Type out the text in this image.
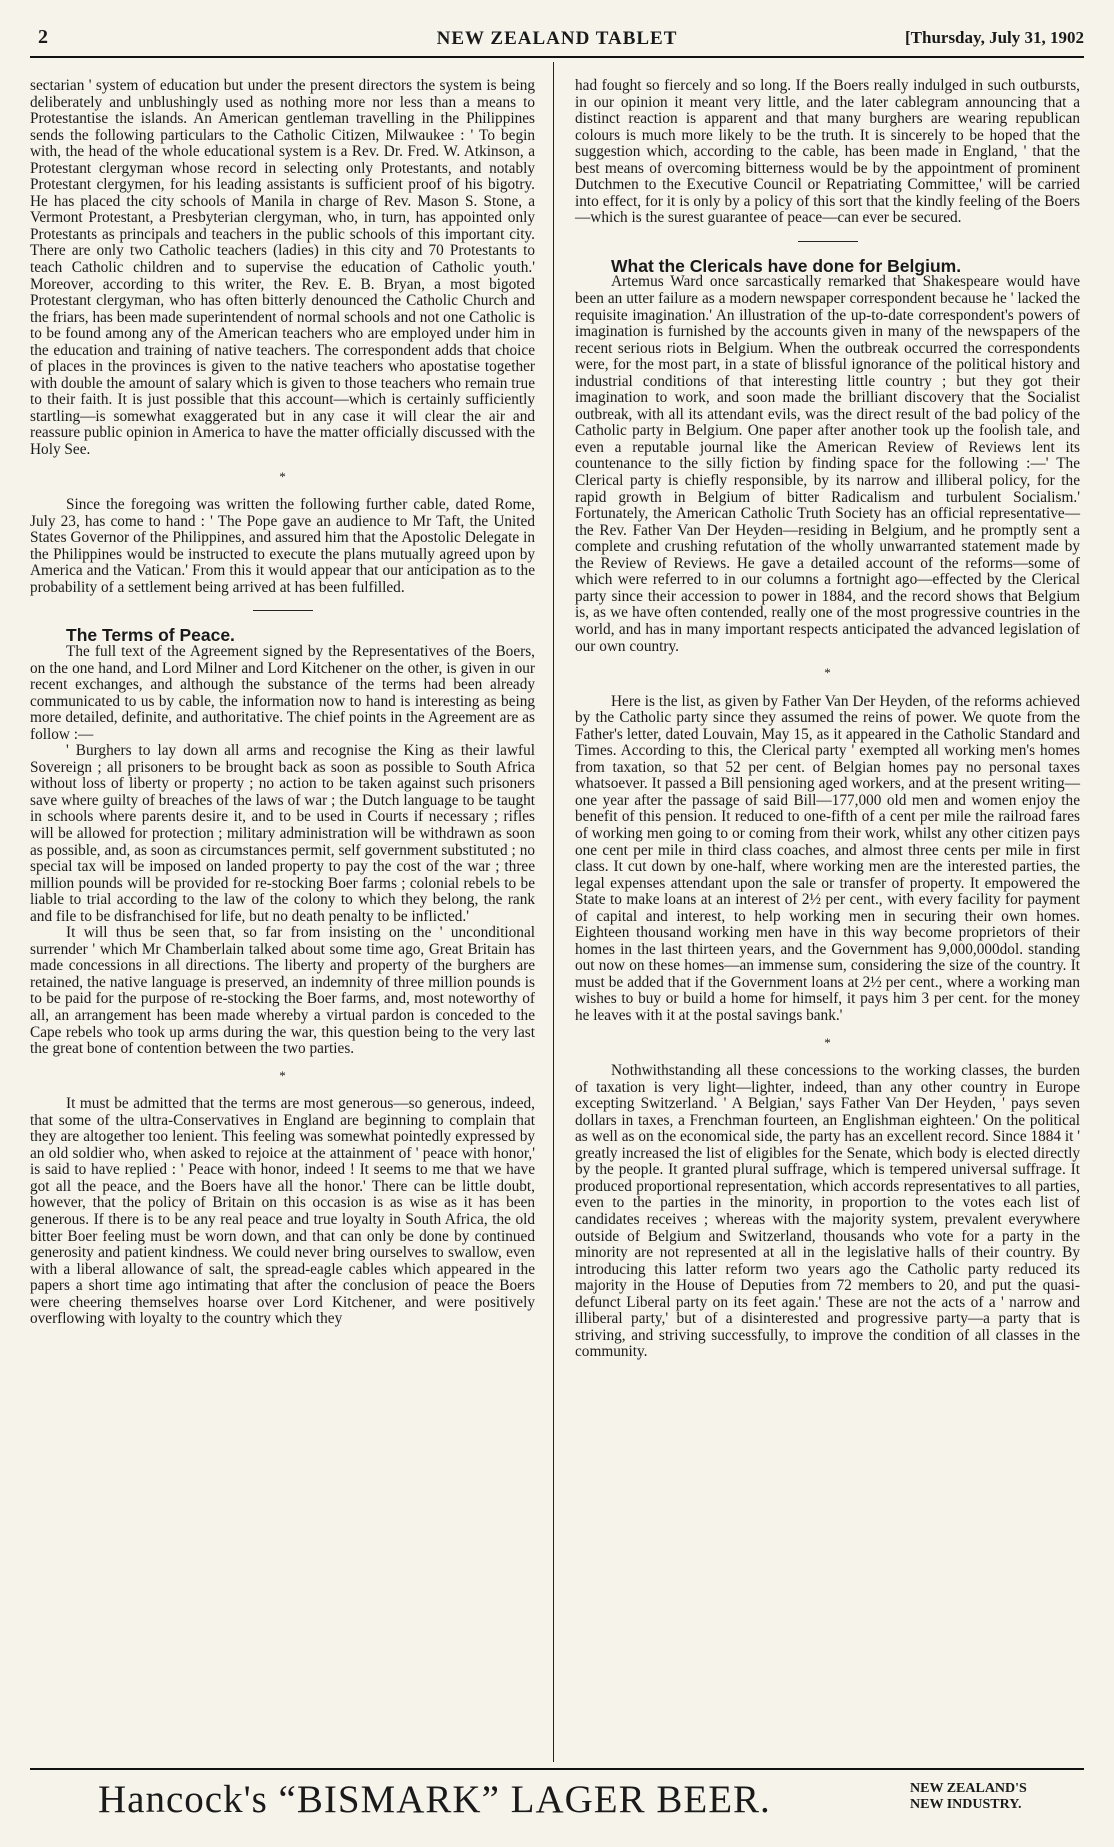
2	NEW ZEALAND TABLET	[Thursday, July 31, 1902

sectarian ' system of education but under the present directors the system is being deliberately and unblushingly used as nothing more nor less than a means to Protestantise the islands. An American gentleman travelling in the Philippines sends the following particulars to the Catholic Citizen, Milwaukee : ' To begin with, the head of the whole educational system is a Rev. Dr. Fred. W. Atkinson, a Protestant clergyman whose record in selecting only Protestants, and notably Protestant clergymen, for his leading assistants is sufficient proof of his bigotry. He has placed the city schools of Manila in charge of Rev. Mason S. Stone, a Vermont Protestant, a Presbyterian clergyman, who, in turn, has appointed only Protestants as principals and teachers in the public schools of this important city. There are only two Catholic teachers (ladies) in this city and 70 Protestants to teach Catholic children and to supervise the education of Catholic youth.' Moreover, according to this writer, the Rev. E. B. Bryan, a most bigoted Protestant clergyman, who has often bitterly denounced the Catholic Church and the friars, has been made superintendent of normal schools and not one Catholic is to be found among any of the American teachers who are employed under him in the education and training of native teachers. The correspondent adds that choice of places in the provinces is given to the native teachers who apostatise together with double the amount of salary which is given to those teachers who remain true to their faith. It is just possible that this account—which is certainly sufficiently startling—is somewhat exaggerated but in any case it will clear the air and reassure public opinion in America to have the matter officially discussed with the Holy See.

*

Since the foregoing was written the following further cable, dated Rome, July 23, has come to hand : ' The Pope gave an audience to Mr Taft, the United States Governor of the Philippines, and assured him that the Apostolic Delegate in the Philippines would be instructed to execute the plans mutually agreed upon by America and the Vatican.' From this it would appear that our anticipation as to the probability of a settlement being arrived at has been fulfilled.

The Terms of Peace.

The full text of the Agreement signed by the Representatives of the Boers, on the one hand, and Lord Milner and Lord Kitchener on the other, is given in our recent exchanges, and although the substance of the terms had been already communicated to us by cable, the information now to hand is interesting as being more detailed, definite, and authoritative. The chief points in the Agreement are as follow :—

' Burghers to lay down all arms and recognise the King as their lawful Sovereign ; all prisoners to be brought back as soon as possible to South Africa without loss of liberty or property ; no action to be taken against such prisoners save where guilty of breaches of the laws of war ; the Dutch language to be taught in schools where parents desire it, and to be used in Courts if necessary ; rifles will be allowed for protection ; military administration will be withdrawn as soon as possible, and, as soon as circumstances permit, self government substituted ; no special tax will be imposed on landed property to pay the cost of the war ; three million pounds will be provided for re-stocking Boer farms ; colonial rebels to be liable to trial according to the law of the colony to which they belong, the rank and file to be disfranchised for life, but no death penalty to be inflicted.'

It will thus be seen that, so far from insisting on the ' unconditional surrender ' which Mr Chamberlain talked about some time ago, Great Britain has made concessions in all directions. The liberty and property of the burghers are retained, the native language is preserved, an indemnity of three million pounds is to be paid for the purpose of re-stocking the Boer farms, and, most noteworthy of all, an arrangement has been made whereby a virtual pardon is conceded to the Cape rebels who took up arms during the war, this question being to the very last the great bone of contention between the two parties.

*

It must be admitted that the terms are most generous—so generous, indeed, that some of the ultra-Conservatives in England are beginning to complain that they are altogether too lenient. This feeling was somewhat pointedly expressed by an old soldier who, when asked to rejoice at the attainment of ' peace with honor,' is said to have replied : ' Peace with honor, indeed ! It seems to me that we have got all the peace, and the Boers have all the honor.' There can be little doubt, however, that the policy of Britain on this occasion is as wise as it has been generous. If there is to be any real peace and true loyalty in South Africa, the old bitter Boer feeling must be worn down, and that can only be done by continued generosity and patient kindness. We could never bring ourselves to swallow, even with a liberal allowance of salt, the spread-eagle cables which appeared in the papers a short time ago intimating that after the conclusion of peace the Boers were cheering themselves hoarse over Lord Kitchener, and were positively overflowing with loyalty to the country which they

had fought so fiercely and so long. If the Boers really indulged in such outbursts, in our opinion it meant very little, and the later cablegram announcing that a distinct reaction is apparent and that many burghers are wearing republican colours is much more likely to be the truth. It is sincerely to be hoped that the suggestion which, according to the cable, has been made in England, ' that the best means of overcoming bitterness would be by the appointment of prominent Dutchmen to the Executive Council or Repatriating Committee,' will be carried into effect, for it is only by a policy of this sort that the kindly feeling of the Boers—which is the surest guarantee of peace—can ever be secured.

What the Clericals have done for Belgium.

Artemus Ward once sarcastically remarked that Shakespeare would have been an utter failure as a modern newspaper correspondent because he ' lacked the requisite imagination.' An illustration of the up-to-date correspondent's powers of imagination is furnished by the accounts given in many of the newspapers of the recent serious riots in Belgium. When the outbreak occurred the correspondents were, for the most part, in a state of blissful ignorance of the political history and industrial conditions of that interesting little country ; but they got their imagination to work, and soon made the brilliant discovery that the Socialist outbreak, with all its attendant evils, was the direct result of the bad policy of the Catholic party in Belgium. One paper after another took up the foolish tale, and even a reputable journal like the American Review of Reviews lent its countenance to the silly fiction by finding space for the following :—' The Clerical party is chiefly responsible, by its narrow and illiberal policy, for the rapid growth in Belgium of bitter Radicalism and turbulent Socialism.' Fortunately, the American Catholic Truth Society has an official representative—the Rev. Father Van Der Heyden—residing in Belgium, and he promptly sent a complete and crushing refutation of the wholly unwarranted statement made by the Review of Reviews. He gave a detailed account of the reforms—some of which were referred to in our columns a fortnight ago—effected by the Clerical party since their accession to power in 1884, and the record shows that Belgium is, as we have often contended, really one of the most progressive countries in the world, and has in many important respects anticipated the advanced legislation of our own country.

*

Here is the list, as given by Father Van Der Heyden, of the reforms achieved by the Catholic party since they assumed the reins of power. We quote from the Father's letter, dated Louvain, May 15, as it appeared in the Catholic Standard and Times. According to this, the Clerical party ' exempted all working men's homes from taxation, so that 52 per cent. of Belgian homes pay no personal taxes whatsoever. It passed a Bill pensioning aged workers, and at the present writing—one year after the passage of said Bill—177,000 old men and women enjoy the benefit of this pension. It reduced to one-fifth of a cent per mile the railroad fares of working men going to or coming from their work, whilst any other citizen pays one cent per mile in third class coaches, and almost three cents per mile in first class. It cut down by one-half, where working men are the interested parties, the legal expenses attendant upon the sale or transfer of property. It empowered the State to make loans at an interest of 2½ per cent., with every facility for payment of capital and interest, to help working men in securing their own homes. Eighteen thousand working men have in this way become proprietors of their homes in the last thirteen years, and the Government has 9,000,000dol. standing out now on these homes—an immense sum, considering the size of the country. It must be added that if the Government loans at 2½ per cent., where a working man wishes to buy or build a home for himself, it pays him 3 per cent. for the money he leaves with it at the postal savings bank.'

*

Nothwithstanding all these concessions to the working classes, the burden of taxation is very light—lighter, indeed, than any other country in Europe excepting Switzerland. ' A Belgian,' says Father Van Der Heyden, ' pays seven dollars in taxes, a Frenchman fourteen, an Englishman eighteen.' On the political as well as on the economical side, the party has an excellent record. Since 1884 it ' greatly increased the list of eligibles for the Senate, which body is elected directly by the people. It granted plural suffrage, which is tempered universal suffrage. It produced proportional representation, which accords representatives to all parties, even to the parties in the minority, in proportion to the votes each list of candidates receives ; whereas with the majority system, prevalent everywhere outside of Belgium and Switzerland, thousands who vote for a party in the minority are not represented at all in the legislative halls of their country. By introducing this latter reform two years ago the Catholic party reduced its majority in the House of Deputies from 72 members to 20, and put the quasi-defunct Liberal party on its feet again.' These are not the acts of a ' narrow and illiberal party,' but of a disinterested and progressive party—a party that is striving, and striving successfully, to improve the condition of all classes in the community.

Hancock's “BISMARK” LAGER BEER.	NEW ZEALAND'S
NEW INDUSTRY.
